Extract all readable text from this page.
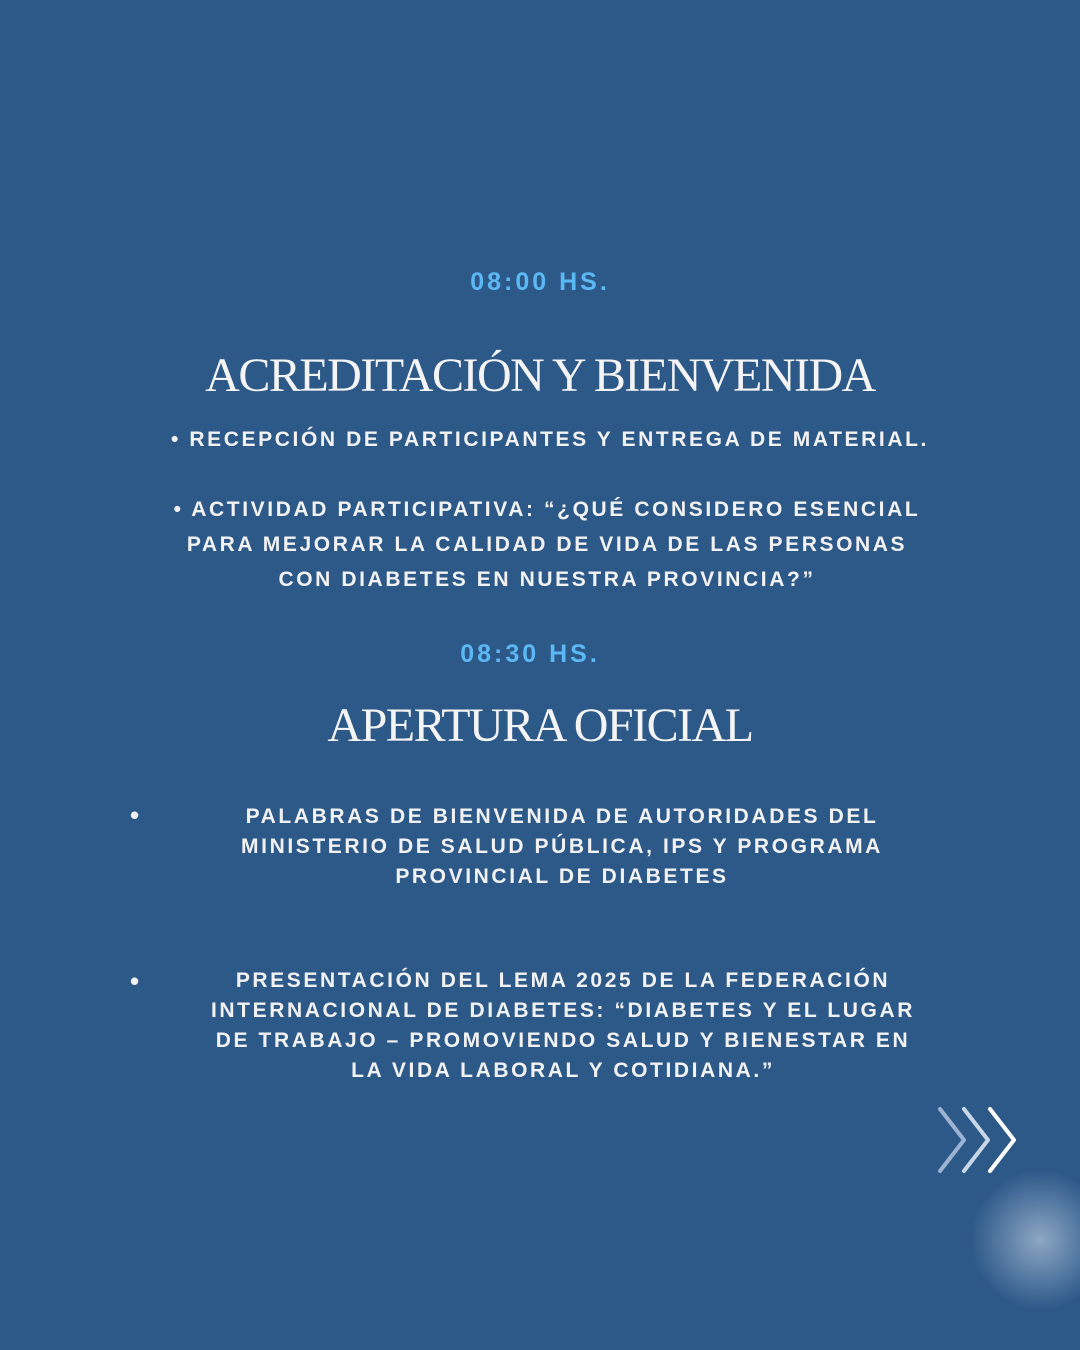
08:00 HS.
ACREDITACIÓN Y BIENVENIDA
• RECEPCIÓN DE PARTICIPANTES Y ENTREGA DE MATERIAL.
• ACTIVIDAD PARTICIPATIVA: “¿QUÉ CONSIDERO ESENCIAL
PARA MEJORAR LA CALIDAD DE VIDA DE LAS PERSONAS
CON DIABETES EN NUESTRA PROVINCIA?”
08:30 HS.
APERTURA OFICIAL
•	PALABRAS DE BIENVENIDA DE AUTORIDADES DEL
MINISTERIO DE SALUD PÚBLICA, IPS Y PROGRAMA
PROVINCIAL DE DIABETES
•	PRESENTACIÓN DEL LEMA 2025 DE LA FEDERACIÓN
INTERNACIONAL DE DIABETES: “DIABETES Y EL LUGAR
DE TRABAJO – PROMOVIENDO SALUD Y BIENESTAR EN
LA VIDA LABORAL Y COTIDIANA.”
